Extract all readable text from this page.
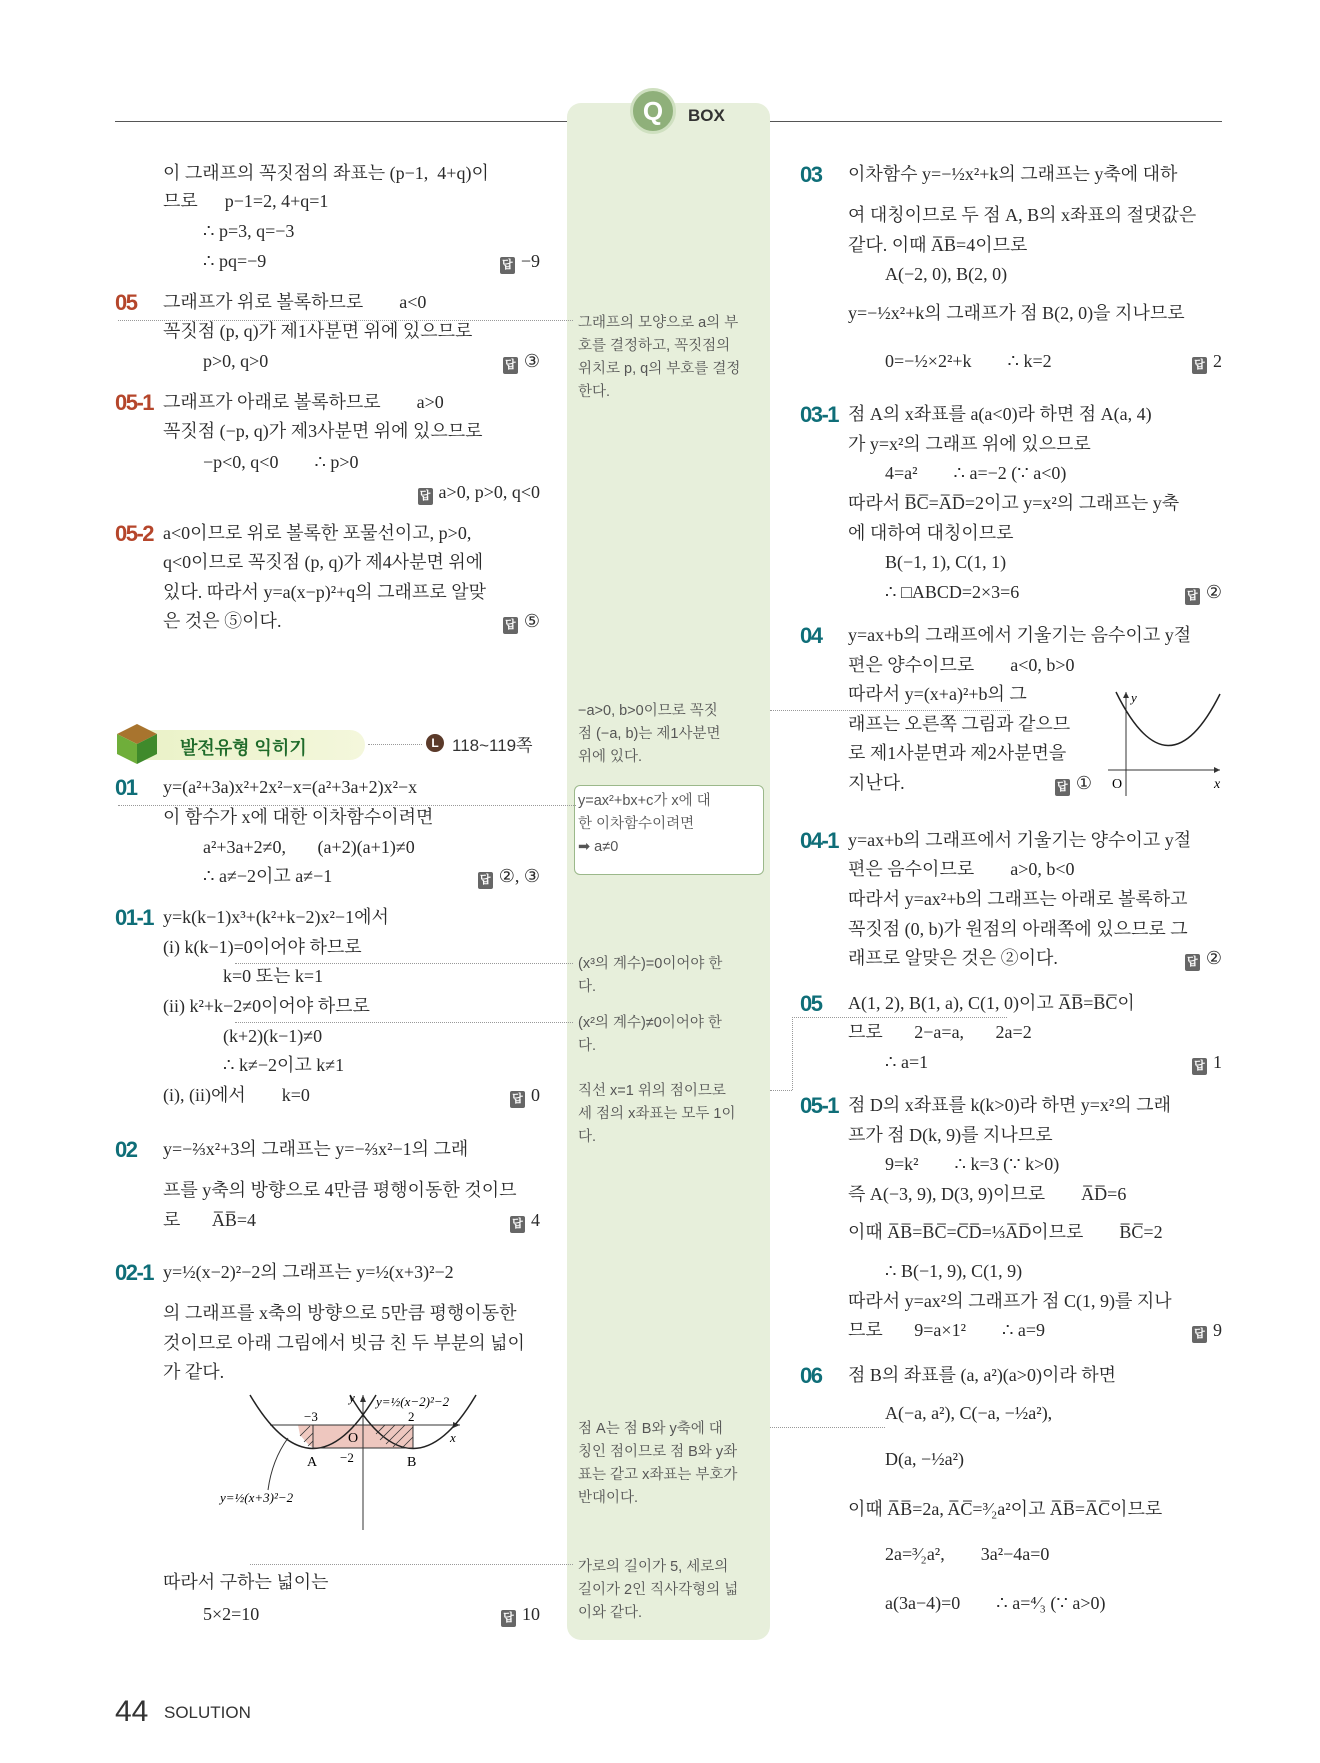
Q	BOX
발전유형 익히기	L 118~119쪽
y
x
O
y
x
O
−3	2
−2
A	B
y=½(x−2)²−2
y=½(x+3)²−2
44 SOLUTION
이 그래프의 꼭짓점의 좌표는 (p−1,  4+q)이
므로      p−1=2, 4+q=1
∴ p=3, q=−3
∴ pq=−9	답 −9
05 그래프가 위로 볼록하므로        a<0
꼭짓점 (p, q)가 제1사분면 위에 있으므로
p>0, q>0	답 ③
05-1 그래프가 아래로 볼록하므로        a>0
꼭짓점 (−p, q)가 제3사분면 위에 있으므로
−p<0, q<0        ∴ p>0
답 a>0, p>0, q<0
05-2 a<0이므로 위로 볼록한 포물선이고, p>0,
q<0이므로 꼭짓점 (p, q)가 제4사분면 위에
있다. 따라서 y=a(x−p)²+q의 그래프로 알맞
은 것은 ⑤이다.	답 ⑤
01 y=(a²+3a)x²+2x²−x=(a²+3a+2)x²−x
이 함수가 x에 대한 이차함수이려면
a²+3a+2≠0,       (a+2)(a+1)≠0
∴ a≠−2이고 a≠−1	답 ②, ③
01-1 y=k(k−1)x³+(k²+k−2)x²−1에서
(i) k(k−1)=0이어야 하므로
k=0 또는 k=1
(ii) k²+k−2≠0이어야 하므로
(k+2)(k−1)≠0
∴ k≠−2이고 k≠1
(i), (ii)에서        k=0	답 0
02 y=−⅔x²+3의 그래프는 y=−⅔x²−1의 그래
프를 y축의 방향으로 4만큼 평행이동한 것이므
로       A̅B̅=4	답 4
02-1 y=½(x−2)²−2의 그래프는 y=½(x+3)²−2
의 그래프를 x축의 방향으로 5만큼 평행이동한
것이므로 아래 그림에서 빗금 친 두 부분의 넓이
가 같다.
따라서 구하는 넓이는
5×2=10	답 10
03 이차함수 y=−½x²+k의 그래프는 y축에 대하
여 대칭이므로 두 점 A, B의 x좌표의 절댓값은
같다. 이때 A̅B̅=4이므로
A(−2, 0), B(2, 0)
y=−½x²+k의 그래프가 점 B(2, 0)을 지나므로
0=−½×2²+k        ∴ k=2	답 2
03-1 점 A의 x좌표를 a(a<0)라 하면 점 A(a, 4)
가 y=x²의 그래프 위에 있으므로
4=a²        ∴ a=−2 (∵ a<0)
따라서 B̅C̅=A̅D̅=2이고 y=x²의 그래프는 y축
에 대하여 대칭이므로
B(−1, 1), C(1, 1)
∴ □ABCD=2×3=6	답 ②
04 y=ax+b의 그래프에서 기울기는 음수이고 y절
편은 양수이므로        a<0, b>0
따라서 y=(x+a)²+b의 그
래프는 오른쪽 그림과 같으므
로 제1사분면과 제2사분면을
지난다.	답 ①
04-1 y=ax+b의 그래프에서 기울기는 양수이고 y절
편은 음수이므로        a>0, b<0
따라서 y=ax²+b의 그래프는 아래로 볼록하고
꼭짓점 (0, b)가 원점의 아래쪽에 있으므로 그
래프로 알맞은 것은 ②이다.	답 ②
05 A(1, 2), B(1, a), C(1, 0)이고 A̅B̅=B̅C̅이
므로       2−a=a,       2a=2
∴ a=1	답 1
05-1 점 D의 x좌표를 k(k>0)라 하면 y=x²의 그래
프가 점 D(k, 9)를 지나므로
9=k²        ∴ k=3 (∵ k>0)
즉 A(−3, 9), D(3, 9)이므로        A̅D̅=6
이때 A̅B̅=B̅C̅=C̅D̅=⅓A̅D̅이므로        B̅C̅=2
∴ B(−1, 9), C(1, 9)
따라서 y=ax²의 그래프가 점 C(1, 9)를 지나
므로       9=a×1²        ∴ a=9	답 9
06 점 B의 좌표를 (a, a²)(a>0)이라 하면
A(−a, a²), C(−a, −½a²),
D(a, −½a²)
이때 A̅B̅=2a, A̅C̅=³⁄₂a²이고 A̅B̅=A̅C̅이므로
2a=³⁄₂a²,        3a²−4a=0
a(3a−4)=0        ∴ a=⁴⁄₃ (∵ a>0)
그래프의 모양으로 a의 부
호를 결정하고, 꼭짓점의
위치로 p, q의 부호를 결정
한다.
−a>0, b>0이므로 꼭짓
점 (−a, b)는 제1사분면
위에 있다.
y=ax²+bx+c가 x에 대
한 이차함수이려면
➡ a≠0
(x³의 계수)=0이어야 한
다.
(x²의 계수)≠0이어야 한
다.
직선 x=1 위의 점이므로
세 점의 x좌표는 모두 1이
다.
점 A는 점 B와 y축에 대
칭인 점이므로 점 B와 y좌
표는 같고 x좌표는 부호가
반대이다.
가로의 길이가 5, 세로의
길이가 2인 직사각형의 넓
이와 같다.
